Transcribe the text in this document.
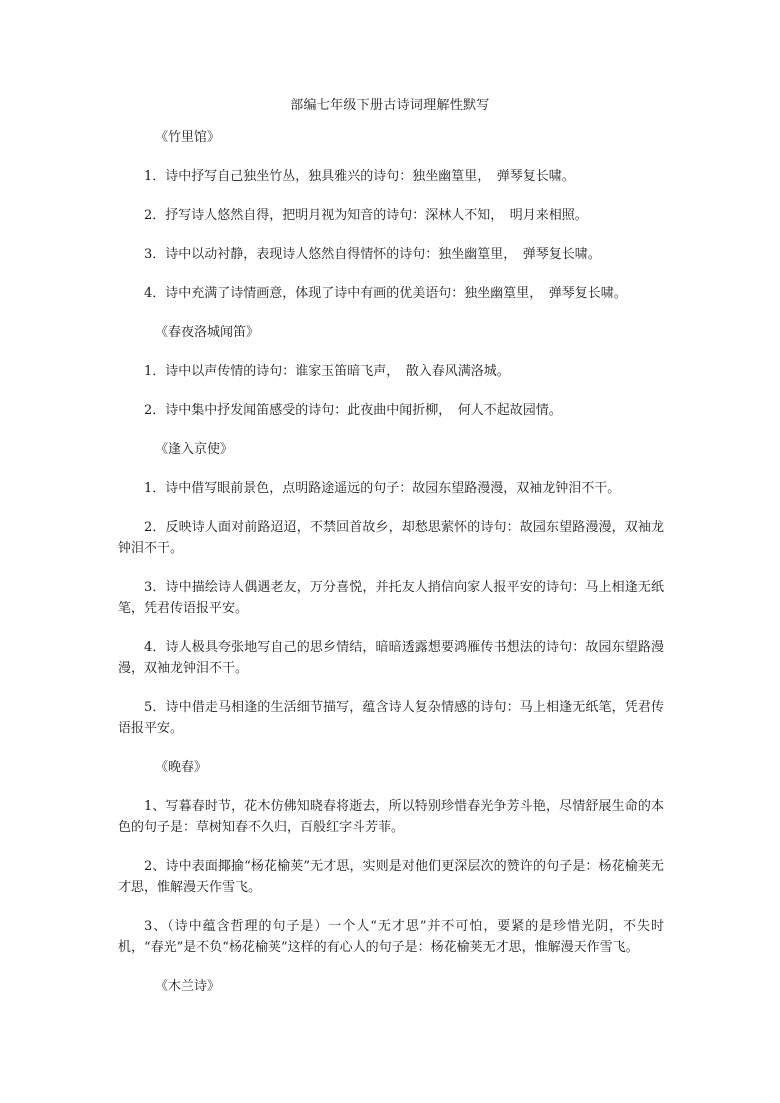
部编七年级下册古诗词理解性默写

《竹里馆》

1．诗中抒写自己独坐竹丛，独具雅兴的诗句：独坐幽篁里，　弹琴复长啸。

2．抒写诗人悠然自得，把明月视为知音的诗句：深林人不知，　明月来相照。

3．诗中以动衬静，表现诗人悠然自得情怀的诗句：独坐幽篁里，　弹琴复长啸。

4．诗中充满了诗情画意，体现了诗中有画的优美语句：独坐幽篁里，　弹琴复长啸。

《春夜洛城闻笛》

1．诗中以声传情的诗句：谁家玉笛暗飞声，　散入春风满洛城。

2．诗中集中抒发闻笛感受的诗句：此夜曲中闻折柳，　何人不起故园情。

《逢入京使》

1．诗中借写眼前景色，点明路途遥远的句子：故园东望路漫漫，双袖龙钟泪不干。

2．反映诗人面对前路迢迢，不禁回首故乡，却愁思萦怀的诗句：故园东望路漫漫，双袖龙钟泪不干。

3．诗中描绘诗人偶遇老友，万分喜悦，并托友人捎信向家人报平安的诗句：马上相逢无纸笔，凭君传语报平安。

4．诗人极具夸张地写自己的思乡情结，暗暗透露想要鸿雁传书想法的诗句：故园东望路漫漫，双袖龙钟泪不干。

5．诗中借走马相逢的生活细节描写，蕴含诗人复杂情感的诗句：马上相逢无纸笔，凭君传语报平安。

《晚春》

1、写暮春时节，花木仿佛知晓春将逝去，所以特别珍惜春光争芳斗艳，尽情舒展生命的本色的句子是：草树知春不久归，百般红字斗芳菲。

2、诗中表面揶揄“杨花榆荚”无才思，实则是对他们更深层次的赞许的句子是：杨花榆荚无才思，惟解漫天作雪飞。

3、（诗中蕴含哲理的句子是）一个人“无才思”并不可怕，要紧的是珍惜光阴，不失时机，“春光”是不负“杨花榆荚”这样的有心人的句子是：杨花榆荚无才思，惟解漫天作雪飞。

《木兰诗》
